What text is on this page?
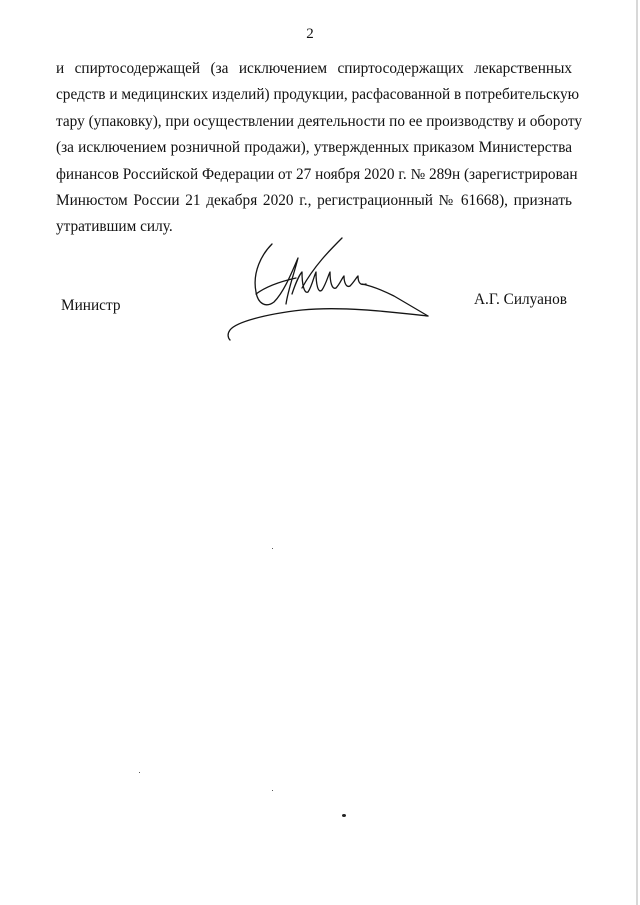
2
и спиртосодержащей (за исключением спиртосодержащих лекарственных
средств и медицинских изделий) продукции, расфасованной в потребительскую
тару (упаковку), при осуществлении деятельности по ее производству и обороту
(за исключением розничной продажи), утвержденных приказом Министерства
финансов Российской Федерации от 27 ноября 2020 г. № 289н (зарегистрирован
Минюстом России 21 декабря 2020 г., регистрационный № 61668), признать
утратившим силу.
Министр	А.Г. Силуанов
